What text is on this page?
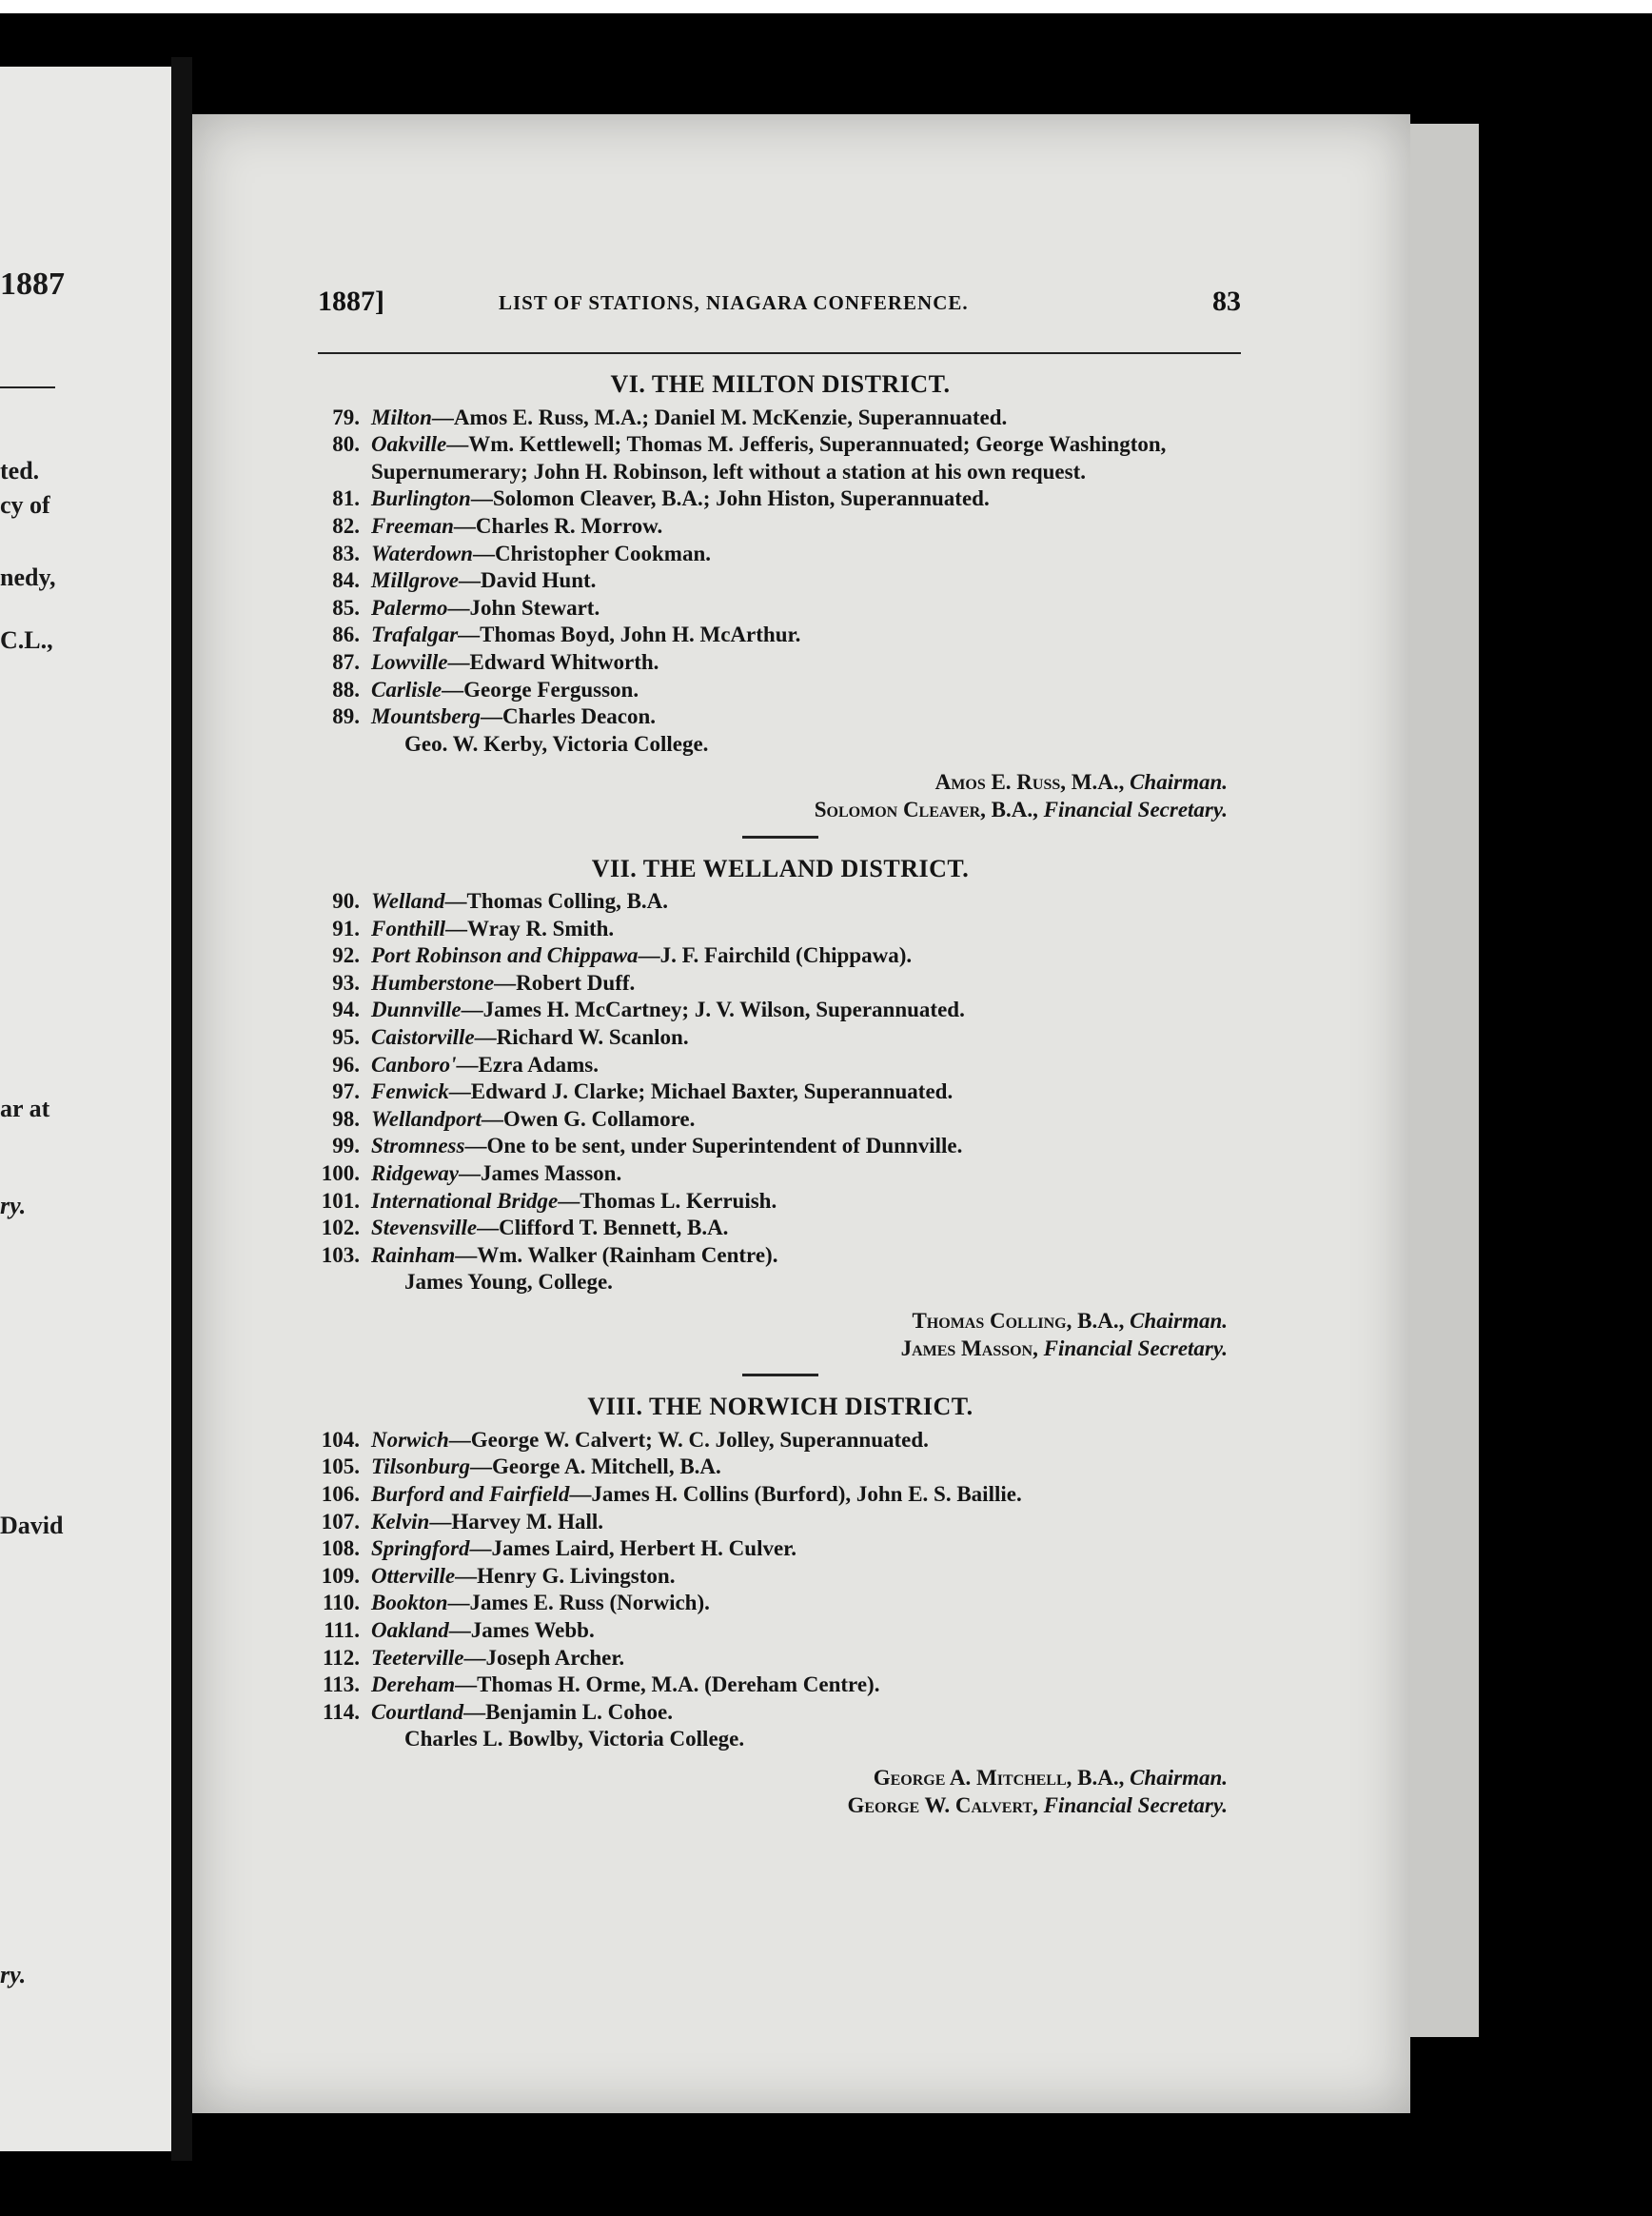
1887
ted.
cy of
nedy,
C.L.,
ar at
ry.
David
ry.
1887]	LIST OF STATIONS, NIAGARA CONFERENCE.	83
VI. THE MILTON DISTRICT.
79. Milton—Amos E. Russ, M.A.; Daniel M. McKenzie, Superannuated.
80. Oakville—Wm. Kettlewell; Thomas M. Jefferis, Superannuated; George Washington, Supernumerary; John H. Robinson, left without a station at his own request.
81. Burlington—Solomon Cleaver, B.A.; John Histon, Superannuated.
82. Freeman—Charles R. Morrow.
83. Waterdown—Christopher Cookman.
84. Millgrove—David Hunt.
85. Palermo—John Stewart.
86. Trafalgar—Thomas Boyd, John H. McArthur.
87. Lowville—Edward Whitworth.
88. Carlisle—George Fergusson.
89. Mountsberg—Charles Deacon.
Geo. W. Kerby, Victoria College.
Amos E. Russ, M.A., Chairman.
Solomon Cleaver, B.A., Financial Secretary.
VII. THE WELLAND DISTRICT.
90. Welland—Thomas Colling, B.A.
91. Fonthill—Wray R. Smith.
92. Port Robinson and Chippawa—J. F. Fairchild (Chippawa).
93. Humberstone—Robert Duff.
94. Dunnville—James H. McCartney; J. V. Wilson, Superannuated.
95. Caistorville—Richard W. Scanlon.
96. Canboro'—Ezra Adams.
97. Fenwick—Edward J. Clarke; Michael Baxter, Superannuated.
98. Wellandport—Owen G. Collamore.
99. Stromness—One to be sent, under Superintendent of Dunnville.
100. Ridgeway—James Masson.
101. International Bridge—Thomas L. Kerruish.
102. Stevensville—Clifford T. Bennett, B.A.
103. Rainham—Wm. Walker (Rainham Centre).
James Young, College.
Thomas Colling, B.A., Chairman.
James Masson, Financial Secretary.
VIII. THE NORWICH DISTRICT.
104. Norwich—George W. Calvert; W. C. Jolley, Superannuated.
105. Tilsonburg—George A. Mitchell, B.A.
106. Burford and Fairfield—James H. Collins (Burford), John E. S. Baillie.
107. Kelvin—Harvey M. Hall.
108. Springford—James Laird, Herbert H. Culver.
109. Otterville—Henry G. Livingston.
110. Bookton—James E. Russ (Norwich).
111. Oakland—James Webb.
112. Teeterville—Joseph Archer.
113. Dereham—Thomas H. Orme, M.A. (Dereham Centre).
114. Courtland—Benjamin L. Cohoe.
Charles L. Bowlby, Victoria College.
George A. Mitchell, B.A., Chairman.
George W. Calvert, Financial Secretary.
